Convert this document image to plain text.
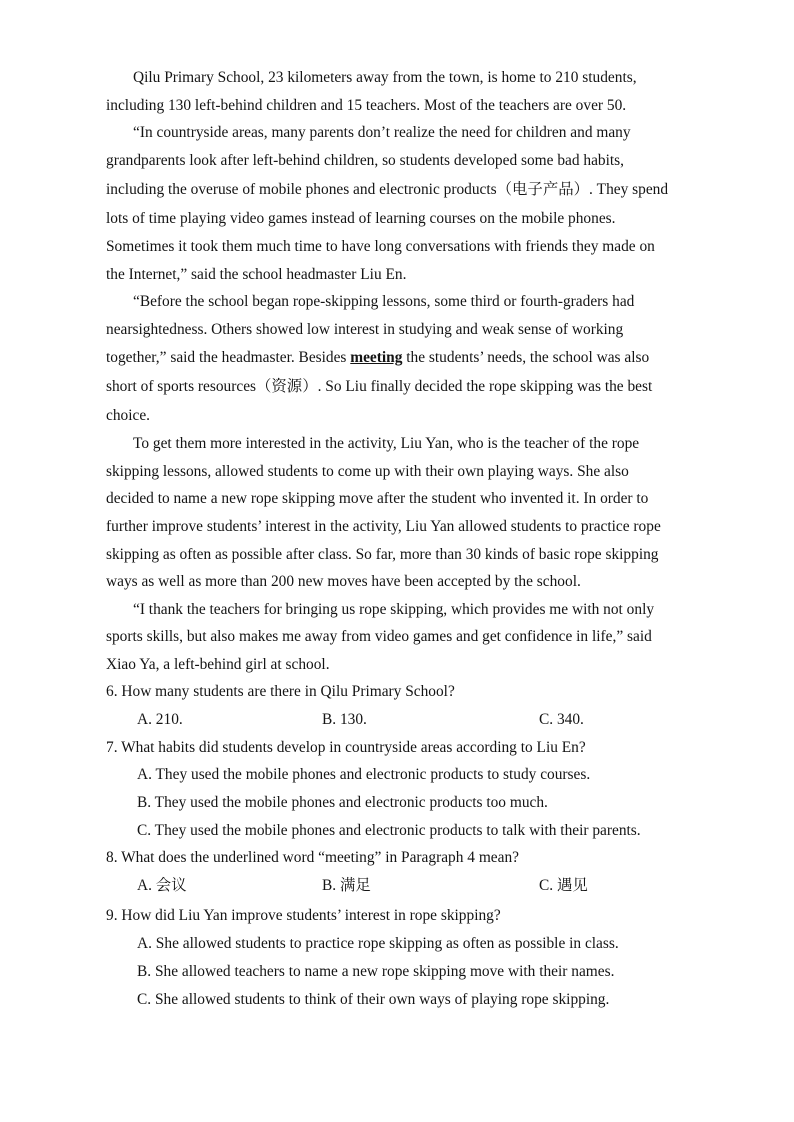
Qilu Primary School, 23 kilometers away from the town, is home to 210 students,
including 130 left-behind children and 15 teachers. Most of the teachers are over 50.
“In countryside areas, many parents don’t realize the need for children and many
grandparents look after left-behind children, so students developed some bad habits,
including the overuse of mobile phones and electronic products（电子产品）. They spend
lots of time playing video games instead of learning courses on the mobile phones.
Sometimes it took them much time to have long conversations with friends they made on
the Internet,” said the school headmaster Liu En.
“Before the school began rope-skipping lessons, some third or fourth-graders had
nearsightedness. Others showed low interest in studying and weak sense of working
together,” said the headmaster. Besides meeting the students’ needs, the school was also
short of sports resources（资源）. So Liu finally decided the rope skipping was the best
choice.
To get them more interested in the activity, Liu Yan, who is the teacher of the rope
skipping lessons, allowed students to come up with their own playing ways. She also
decided to name a new rope skipping move after the student who invented it. In order to
further improve students’ interest in the activity, Liu Yan allowed students to practice rope
skipping as often as possible after class. So far, more than 30 kinds of basic rope skipping
ways as well as more than 200 new moves have been accepted by the school.
“I thank the teachers for bringing us rope skipping, which provides me with not only
sports skills, but also makes me away from video games and get confidence in life,” said
Xiao Ya, a left-behind girl at school.
6. How many students are there in Qilu Primary School?
A. 210.	B. 130.	C. 340.
7. What habits did students develop in countryside areas according to Liu En?
A. They used the mobile phones and electronic products to study courses.
B. They used the mobile phones and electronic products too much.
C. They used the mobile phones and electronic products to talk with their parents.
8. What does the underlined word “meeting” in Paragraph 4 mean?
A. 会议	B. 满足	C. 遇见
9. How did Liu Yan improve students’ interest in rope skipping?
A. She allowed students to practice rope skipping as often as possible in class.
B. She allowed teachers to name a new rope skipping move with their names.
C. She allowed students to think of their own ways of playing rope skipping.
